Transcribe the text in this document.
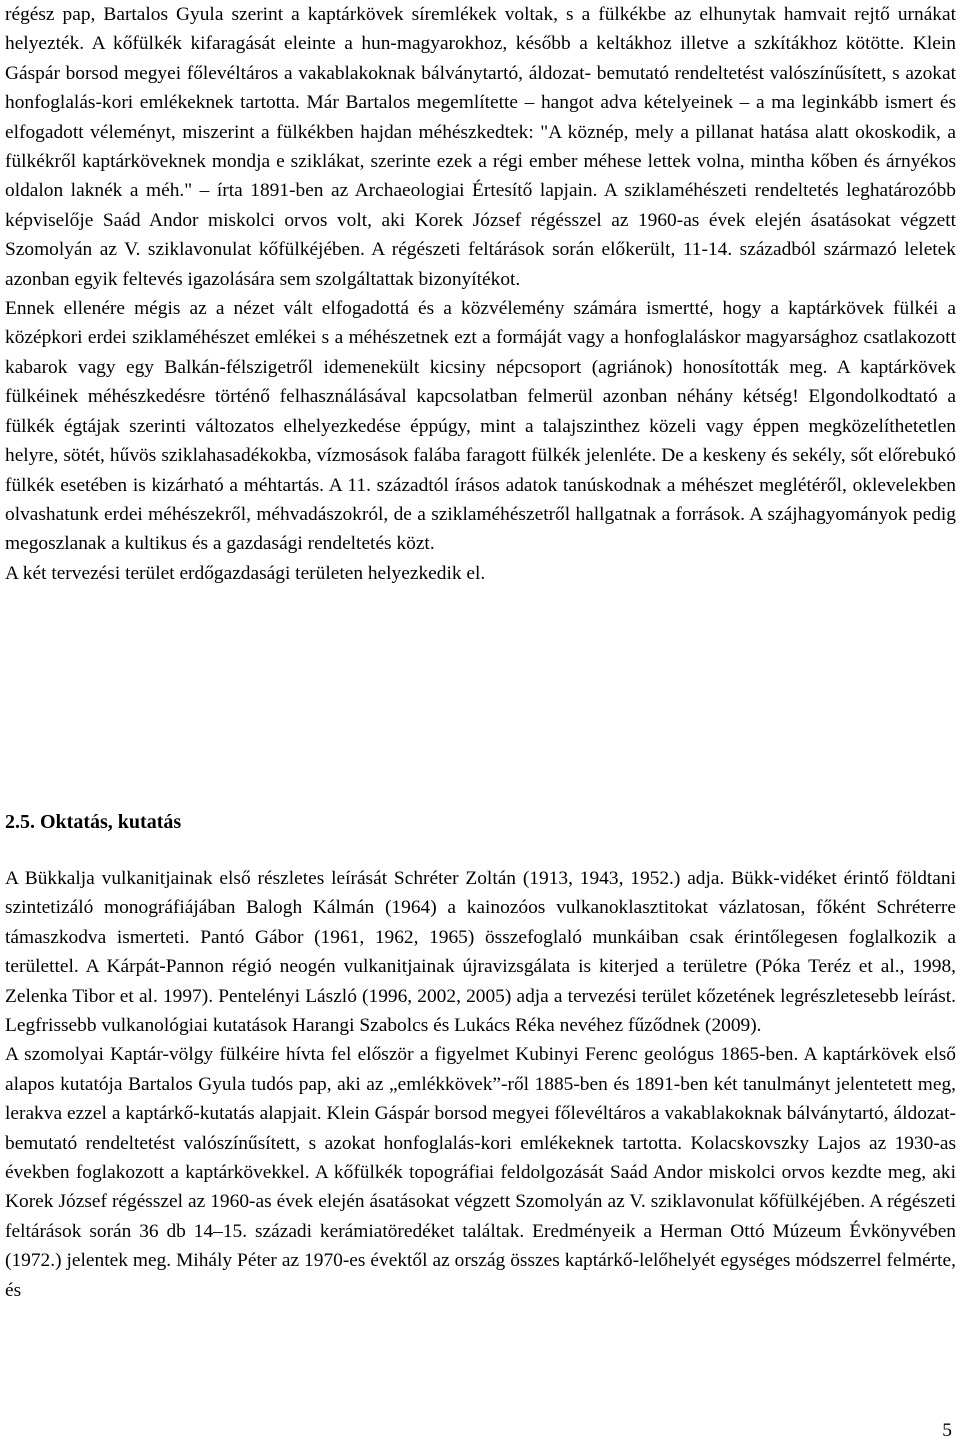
régész pap, Bartalos Gyula szerint a kaptárkövek síremlékek voltak, s a fülkékbe az elhunytak hamvait rejtő urnákat helyezték. A kőfülkék kifaragását eleinte a hun-magyarokhoz, később a keltákhoz illetve a szkítákhoz kötötte. Klein Gáspár borsod megyei főlevéltáros a vakablakoknak bálványtartó, áldozat- bemutató rendeltetést valószínűsített, s azokat honfoglalás-kori emlékeknek tartotta. Már Bartalos megemlítette – hangot adva kételyeinek – a ma leginkább ismert és elfogadott véleményt, miszerint a fülkékben hajdan méhészkedtek: "A köznép, mely a pillanat hatása alatt okoskodik, a fülkékről kaptárköveknek mondja e sziklákat, szerinte ezek a régi ember méhese lettek volna, mintha kőben és árnyékos oldalon laknék a méh." – írta 1891-ben az Archaeologiai Értesítő lapjain. A sziklaméhészeti rendeltetés leghatározóbb képviselője Saád Andor miskolci orvos volt, aki Korek József régésszel az 1960-as évek elején ásatásokat végzett Szomolyán az V. sziklavonulat kőfülkéjében. A régészeti feltárások során előkerült, 11-14. századból származó leletek azonban egyik feltevés igazolására sem szolgáltattak bizonyítékot.

Ennek ellenére mégis az a nézet vált elfogadottá és a közvélemény számára ismertté, hogy a kaptárkövek fülkéi a középkori erdei sziklaméhészet emlékei s a méhészetnek ezt a formáját vagy a honfoglaláskor magyarsághoz csatlakozott kabarok vagy egy Balkán-félszigetről idemenekült kicsiny népcsoport (agriánok) honosították meg. A kaptárkövek fülkéinek méhészkedésre történő felhasználásával kapcsolatban felmerül azonban néhány kétség! Elgondolkodtató a fülkék égtájak szerinti változatos elhelyezkedése éppúgy, mint a talajszinthez közeli vagy éppen megközelíthetetlen helyre, sötét, hűvös sziklahasadékokba, vízmosások falába faragott fülkék jelenléte. De a keskeny és sekély, sőt előrebukó fülkék esetében is kizárható a méhtartás. A 11. századtól írásos adatok tanúskodnak a méhészet meglétéről, oklevelekben olvashatunk erdei méhészekről, méhvadászokról, de a sziklaméhészetről hallgatnak a források. A szájhagyományok pedig megoszlanak a kultikus és a gazdasági rendeltetés közt.

A két tervezési terület erdőgazdasági területen helyezkedik el.

2.5. Oktatás, kutatás

A Bükkalja vulkanitjainak első részletes leírását Schréter Zoltán (1913, 1943, 1952.) adja. Bükk-vidéket érintő földtani szintetizáló monográfiájában Balogh Kálmán (1964) a kainozóos vulkanoklasztitokat vázlatosan, főként Schréterre támaszkodva ismerteti. Pantó Gábor (1961, 1962, 1965) összefoglaló munkáiban csak érintőlegesen foglalkozik a területtel. A Kárpát-Pannon régió neogén vulkanitjainak újravizsgálata is kiterjed a területre (Póka Teréz et al., 1998, Zelenka Tibor et al. 1997). Pentelényi László (1996, 2002, 2005) adja a tervezési terület kőzetének legrészletesebb leírást. Legfrissebb vulkanológiai kutatások Harangi Szabolcs és Lukács Réka nevéhez fűződnek (2009).

A szomolyai Kaptár-völgy fülkéire hívta fel először a figyelmet Kubinyi Ferenc geológus 1865-ben. A kaptárkövek első alapos kutatója Bartalos Gyula tudós pap, aki az „emlékkövek”-ről 1885-ben és 1891-ben két tanulmányt jelentetett meg, lerakva ezzel a kaptárkő-kutatás alapjait. Klein Gáspár borsod megyei főlevéltáros a vakablakoknak bálványtartó, áldozat- bemutató rendeltetést valószínűsített, s azokat honfoglalás-kori emlékeknek tartotta. Kolacskovszky Lajos az 1930-as években foglakozott a kaptárkövekkel. A kőfülkék topográfiai feldolgozását Saád Andor miskolci orvos kezdte meg, aki Korek József régésszel az 1960-as évek elején ásatásokat végzett Szomolyán az V. sziklavonulat kőfülkéjében. A régészeti feltárások során 36 db 14–15. századi kerámiatöredéket találtak. Eredményeik a Herman Ottó Múzeum Évkönyvében (1972.) jelentek meg. Mihály Péter az 1970-es évektől az ország összes kaptárkő-lelőhelyét egységes módszerrel felmérte, és

5
